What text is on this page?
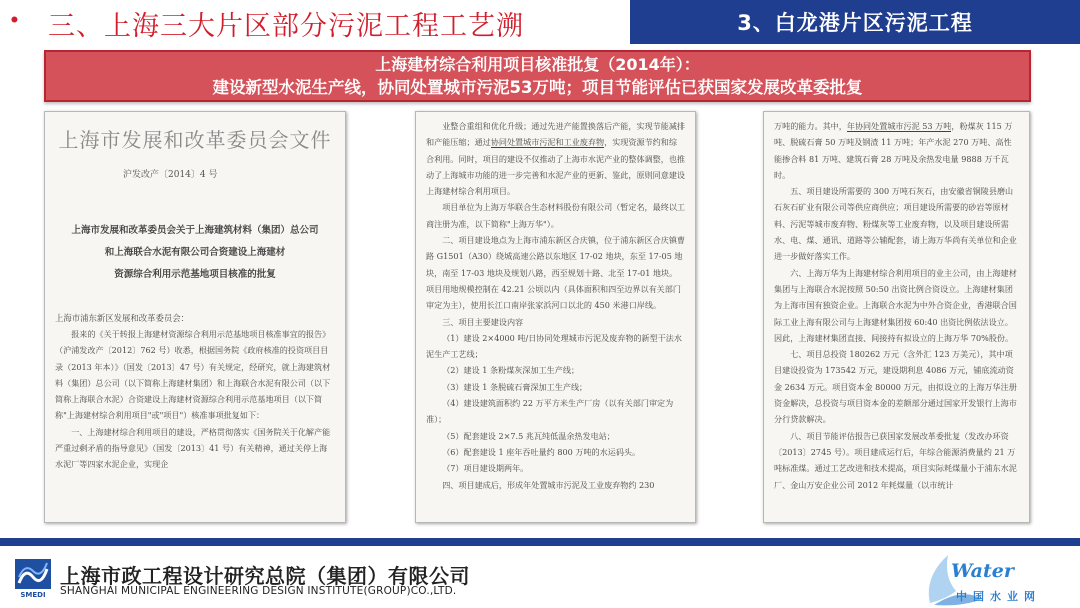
• 三、上海三大片区部分污泥工程工艺溯	3、白龙港片区污泥工程
上海建材综合利用项目核准批复（2014年）：
建设新型水泥生产线，协同处置城市污泥53万吨；项目节能评估已获国家发展改革委批复
上海市发展和改革委员会文件
沪发改产〔2014〕4 号
上海市发展和改革委员会关于上海建筑材料（集团）总公司
和上海联合水泥有限公司合资建设上海建材
资源综合利用示范基地项目核准的批复
上海市浦东新区发展和改革委员会：
报来的《关于转报上海建材资源综合利用示范基地项目核准事宜的报告》（沪浦发改产〔2012〕762 号）收悉，根据国务院《政府核准的投资项目目录（2013 年本）》（国发〔2013〕47 号）有关规定，经研究，就上海建筑材料（集团）总公司（以下简称上海建材集团）和上海联合水泥有限公司（以下简称上海联合水泥）合资建设上海建材资源综合利用示范基地项目（以下简称"上海建材综合利用项目"或"项目"）核准事项批复如下：
一、上海建材综合利用项目的建设，严格贯彻落实《国务院关于化解产能严重过剩矛盾的指导意见》（国发〔2013〕41 号）有关精神，通过关停上海水泥厂等四家水泥企业，实现企
业整合重组和优化升级；通过先进产能置换落后产能，实现节能减排和产能压缩；通过协同处置城市污泥和工业废弃物，实现资源节约和综合利用。同时，项目的建设不仅推动了上海市水泥产业的整体调整，也推动了上海城市功能的进一步完善和水泥产业的更新、鉴此，原则同意建设上海建材综合利用项目。
项目单位为上海万华联合生态材料股份有限公司（暂定名，最终以工商注册为准，以下简称"上海万华"）。
二、项目建设地点为上海市浦东新区合庆镇，位于浦东新区合庆镇曹路 G1501（A30）绕城高速公路以东地区 17-02 地块，东至 17-05 地块，南至 17-03 地块及规划八路，西至规划十路、北至 17-01 地块。项目用地规模控制在 42.21 公顷以内（具体面积和四至边界以有关部门审定为主），使用长江口南岸张家浜河口以北的 450 米港口岸线。
三、项目主要建设内容
（1）建设 2×4000 吨/日协同处理城市污泥及废弃物的新型干法水泥生产工艺线；
（2）建设 1 条粉煤灰深加工生产线；
（3）建设 1 条脱硫石膏深加工生产线；
（4）建设建筑面积约 22 万平方米生产厂房（以有关部门审定为准）；
（5）配套建设 2×7.5 兆瓦纯低温余热发电站；
（6）配套建设 1 座年吞吐量约 800 万吨的水运码头。
（7）项目建设期两年。
四、项目建成后，形成年处置城市污泥及工业废弃物约 230
万吨的能力。其中，年协同处置城市污泥 53 万吨，粉煤灰 115 万吨、脱硫石膏 50 万吨及钢渣 11 万吨；年产水泥 270 万吨、高性能掺合料 81 万吨、建筑石膏 28 万吨及余热发电量 9888 万千瓦时。
五、项目建设所需要的 300 万吨石灰石，由安徽省铜陵县磨山石灰石矿业有限公司等供应商供应；项目建设所需要的砂岩等原材料、污泥等城市废弃物、粉煤灰等工业废弃物，以及项目建设所需水、电、煤、通讯、道路等公辅配套，请上海万华尚有关单位和企业进一步做好落实工作。
六、上海万华为上海建材综合利用项目的业主公司，由上海建材集团与上海联合水泥按照 50:50 出资比例合资设立。上海建材集团为上海市国有独资企业。上海联合水泥为中外合资企业，香港联合国际工业上海有限公司与上海建材集团按 60:40 出资比例依法设立。因此，上海建材集团直接、间接持有拟设立的上海万华 70%股份。
七、项目总投资 180262 万元（含外汇 123 万美元），其中项目建设投资为 173542 万元，建设期利息 4086 万元，铺底流动资金 2634 万元。项目资本金 80000 万元，由拟设立的上海万华注册资金解决，总投资与项目资本金的差额部分通过国家开发银行上海市分行贷款解决。
八、项目节能评估报告已获国家发展改革委批复（发改办环资〔2013〕2745 号）。项目建成运行后，年综合能源消费量约 21 万吨标准煤。通过工艺改进和技术提高，项目实际耗煤量小于浦东水泥厂、金山万安企业公司 2012 年耗煤量（以市统计
SMEDI
上海市政工程设计研究总院（集团）有限公司
SHANGHAI MUNICIPAL ENGINEERING DESIGN INSTITUTE(GROUP)CO.,LTD.
Water
中国水业网
